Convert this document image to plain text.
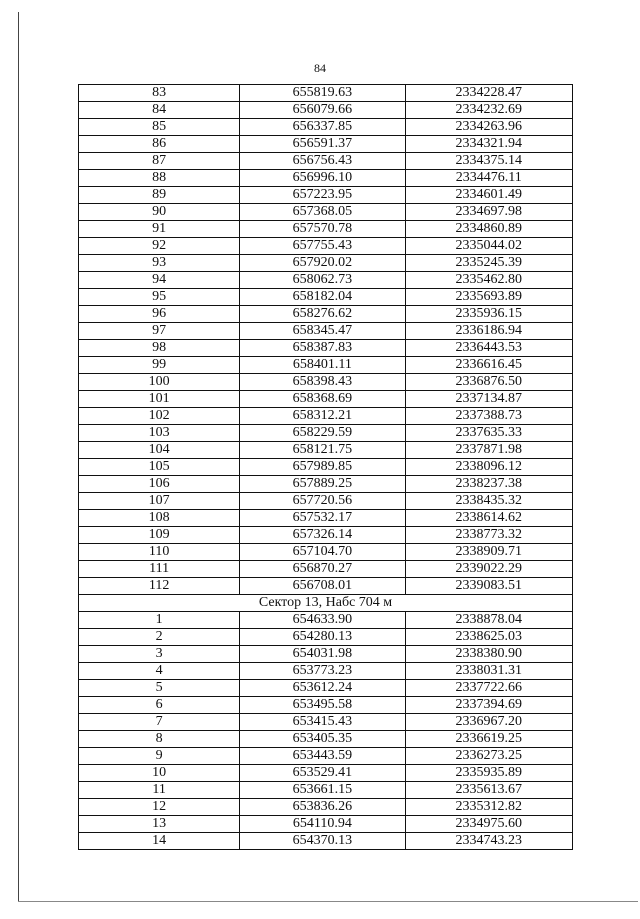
84
83	655819.63	2334228.47
84	656079.66	2334232.69
85	656337.85	2334263.96
86	656591.37	2334321.94
87	656756.43	2334375.14
88	656996.10	2334476.11
89	657223.95	2334601.49
90	657368.05	2334697.98
91	657570.78	2334860.89
92	657755.43	2335044.02
93	657920.02	2335245.39
94	658062.73	2335462.80
95	658182.04	2335693.89
96	658276.62	2335936.15
97	658345.47	2336186.94
98	658387.83	2336443.53
99	658401.11	2336616.45
100	658398.43	2336876.50
101	658368.69	2337134.87
102	658312.21	2337388.73
103	658229.59	2337635.33
104	658121.75	2337871.98
105	657989.85	2338096.12
106	657889.25	2338237.38
107	657720.56	2338435.32
108	657532.17	2338614.62
109	657326.14	2338773.32
110	657104.70	2338909.71
111	656870.27	2339022.29
112	656708.01	2339083.51
Сектор 13, Набс 704 м		
1	654633.90	2338878.04
2	654280.13	2338625.03
3	654031.98	2338380.90
4	653773.23	2338031.31
5	653612.24	2337722.66
6	653495.58	2337394.69
7	653415.43	2336967.20
8	653405.35	2336619.25
9	653443.59	2336273.25
10	653529.41	2335935.89
11	653661.15	2335613.67
12	653836.26	2335312.82
13	654110.94	2334975.60
14	654370.13	2334743.23
